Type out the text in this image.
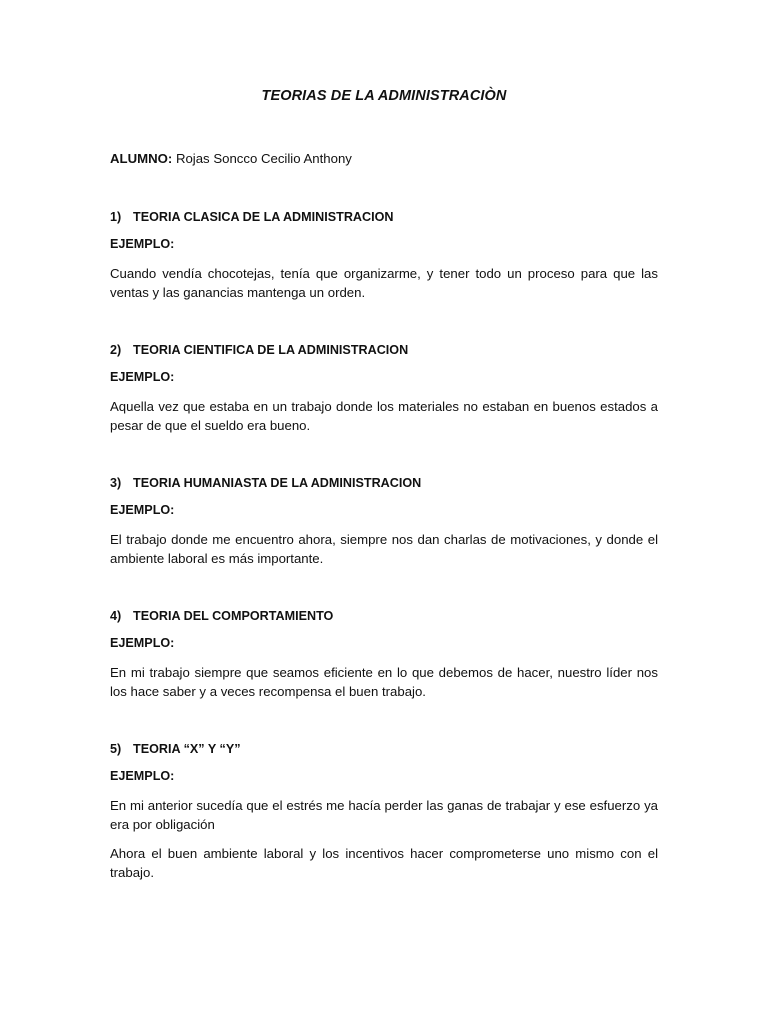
TEORIAS DE LA ADMINISTRACIÒN
ALUMNO: Rojas Soncco Cecilio Anthony
1) TEORIA CLASICA DE LA ADMINISTRACION
EJEMPLO:
Cuando vendía chocotejas, tenía que organizarme, y tener todo un proceso para que las ventas y las ganancias mantenga un orden.
2) TEORIA CIENTIFICA DE LA ADMINISTRACION
EJEMPLO:
Aquella vez que estaba en un trabajo donde los materiales no estaban en buenos estados a pesar de que el sueldo era bueno.
3) TEORIA HUMANIASTA DE LA ADMINISTRACION
EJEMPLO:
El trabajo donde me encuentro ahora, siempre nos dan charlas de motivaciones, y donde el ambiente laboral es más importante.
4) TEORIA DEL COMPORTAMIENTO
EJEMPLO:
En mi trabajo siempre que seamos eficiente en lo que debemos de hacer, nuestro líder nos los hace saber y a veces recompensa el buen trabajo.
5) TEORIA “X” Y “Y”
EJEMPLO:
En mi anterior sucedía que el estrés me hacía perder las ganas de trabajar y ese esfuerzo ya era por obligación
Ahora el buen ambiente laboral y los incentivos hacer comprometerse uno mismo con el trabajo.
